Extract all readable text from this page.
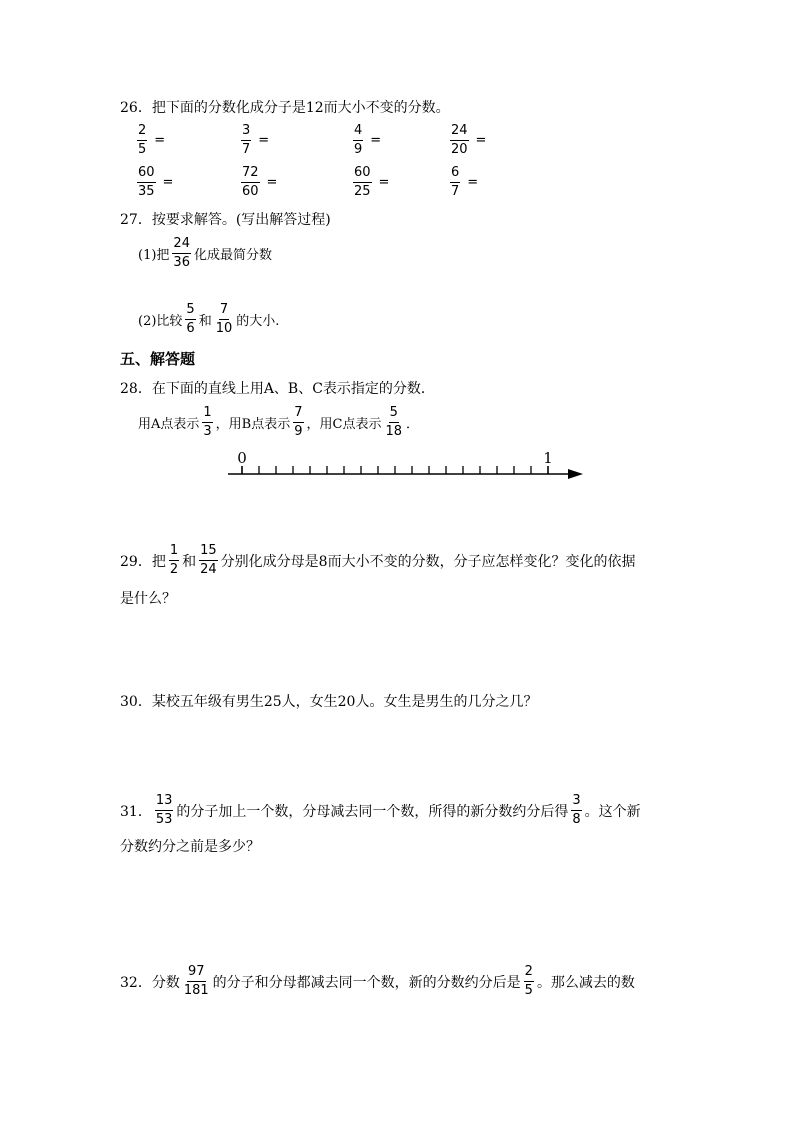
26．把下面的分数化成分子是12而大小不变的分数。
$\frac{2}{5}$ =	$\frac{3}{7}$ =	$\frac{4}{9}$ =	$\frac{24}{20}$ =
$\frac{60}{35}$ =	$\frac{72}{60}$ =	$\frac{60}{25}$ =	$\frac{6}{7}$ =
27．按要求解答。(写出解答过程)
(1)把 $\frac{24}{36}$ 化成最简分数
(2)比较 $\frac{5}{6}$ 和 $\frac{7}{10}$ 的大小.
五、解答题
28．在下面的直线上用A、B、C表示指定的分数．
用A点表示 $\frac{1}{3}$ ，用B点表示 $\frac{7}{9}$ ，用C点表示 $\frac{5}{18}$ ．
0	1
29．把 $\frac{1}{2}$ 和 $\frac{15}{24}$ 分别化成分母是8而大小不变的分数，分子应怎样变化？变化的依据
是什么？
30．某校五年级有男生25人，女生20人。女生是男生的几分之几？
31． $\frac{13}{53}$ 的分子加上一个数，分母减去同一个数，所得的新分数约分后得 $\frac{3}{8}$ 。这个新
分数约分之前是多少？
32．分数 $\frac{97}{181}$ 的分子和分母都减去同一个数，新的分数约分后是 $\frac{2}{5}$ 。那么减去的数
